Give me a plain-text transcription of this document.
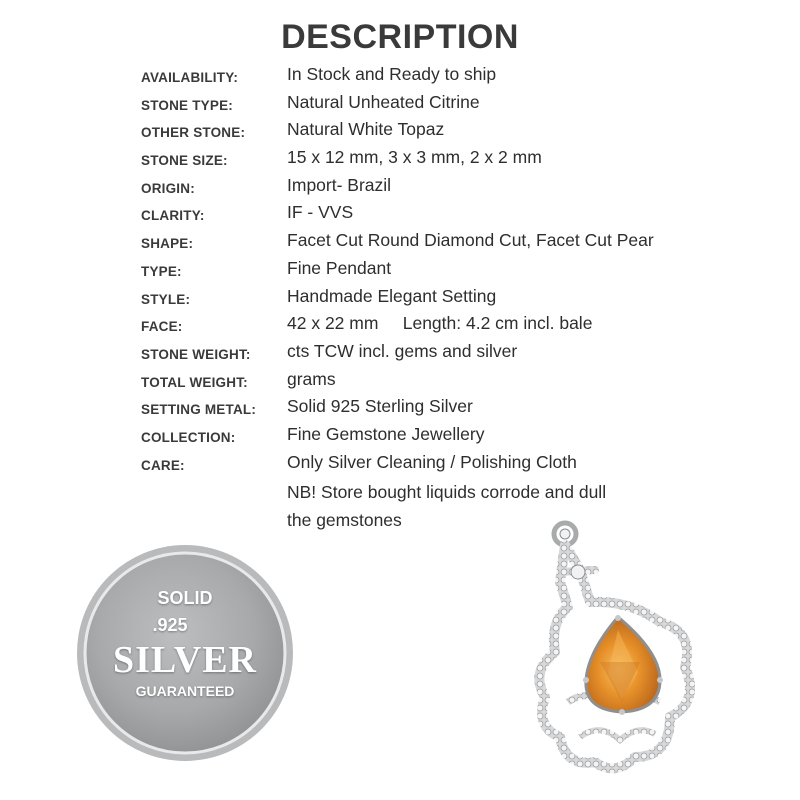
DESCRIPTION
AVAILABILITY:	In Stock and Ready to ship
STONE TYPE:	Natural Unheated Citrine
OTHER STONE: Natural White Topaz
STONE SIZE:	15 x 12 mm, 3 x 3 mm, 2 x 2 mm
ORIGIN:	Import- Brazil
CLARITY:	IF - VVS
SHAPE:	Facet Cut Round Diamond Cut, Facet Cut Pear
TYPE:	Fine Pendant
STYLE:	Handmade Elegant Setting
FACE:	42 x 22 mm     Length: 4.2 cm incl. bale
STONE WEIGHT: cts TCW incl. gems and silver
TOTAL WEIGHT: grams
SETTING METAL: Solid 925 Sterling Silver
COLLECTION:	Fine Gemstone Jewellery
CARE:	Only Silver Cleaning / Polishing Cloth
NB! Store bought liquids corrode and dull
the gemstones
SOLID
.925
SILVER
GUARANTEED
